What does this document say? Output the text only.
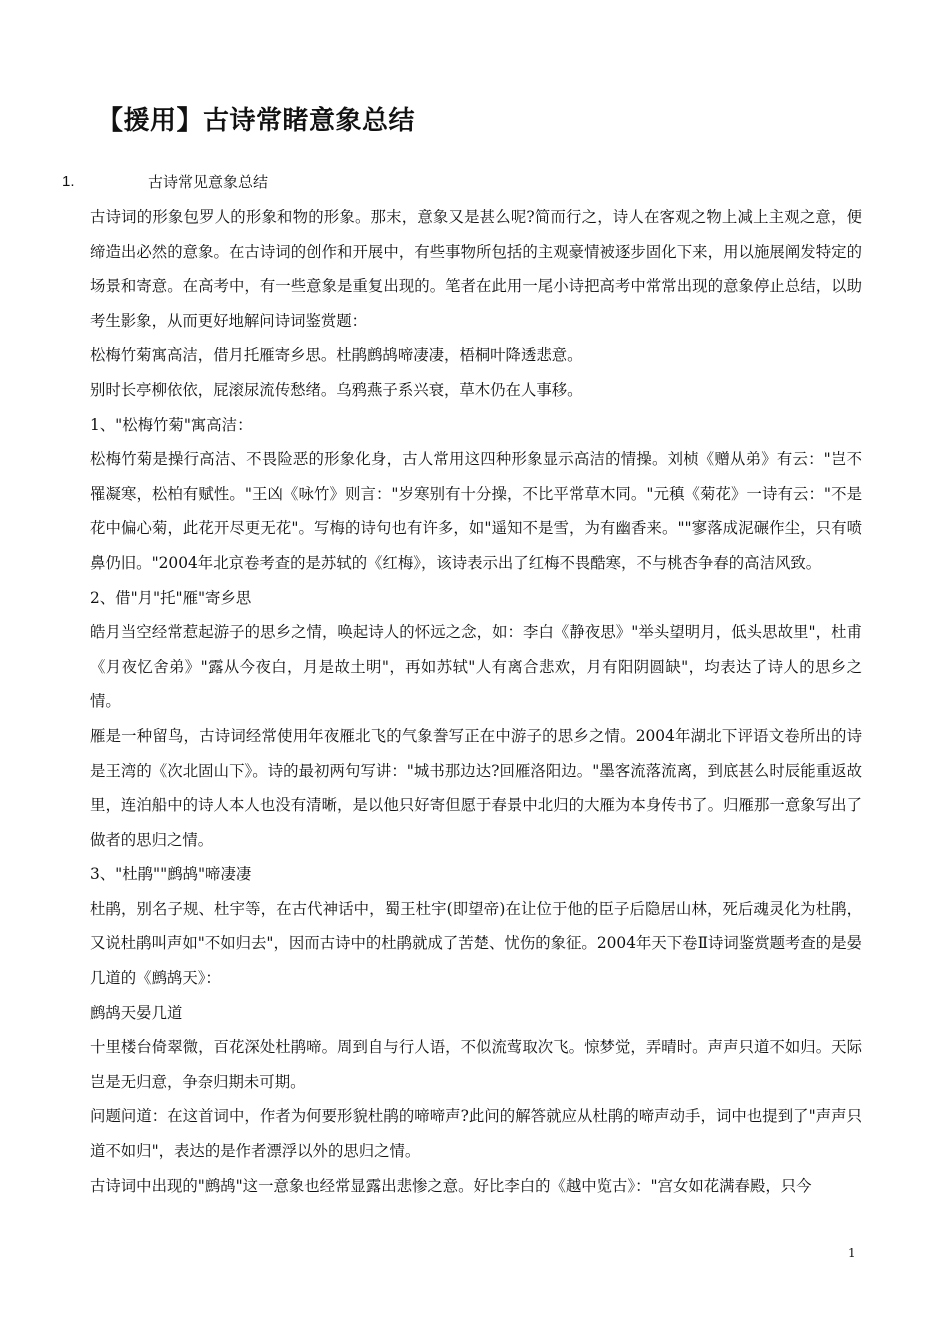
【援用】古诗常睹意象总结
1.	古诗常见意象总结

古诗词的形象包罗人的形象和物的形象。那末，意象又是甚么呢?简而行之，诗人在客观之物上减上主观之意，便缔造出必然的意象。在古诗词的创作和开展中，有些事物所包括的主观豪情被逐步固化下来，用以施展阐发特定的场景和寄意。在高考中，有一些意象是重复出现的。笔者在此用一尾小诗把高考中常常出现的意象停止总结，以助考生影象，从而更好地解问诗词鉴赏题：

松梅竹菊寓高洁，借月托雁寄乡思。杜鹃鹧鸪啼凄凄，梧桐叶降透悲意。

别时长亭柳依依，屁滚尿流传愁绪。乌鸦燕子系兴衰，草木仍在人事移。

1、"松梅竹菊"寓高洁：

松梅竹菊是操行高洁、不畏险恶的形象化身，古人常用这四种形象显示高洁的情操。刘桢《赠从弟》有云："岂不罹凝寒，松柏有赋性。"王凶《咏竹》则言："岁寒别有十分操，不比平常草木同。"元稹《菊花》一诗有云："不是花中偏心菊，此花开尽更无花"。写梅的诗句也有许多，如"遥知不是雪，为有幽香来。""寥落成泥碾作尘，只有喷鼻仍旧。"2004年北京卷考查的是苏轼的《红梅》，该诗表示出了红梅不畏酷寒，不与桃杏争春的高洁风致。

2、借"月"托"雁"寄乡思

皓月当空经常惹起游子的思乡之情，唤起诗人的怀远之念，如：李白《静夜思》"举头望明月，低头思故里"，杜甫《月夜忆舍弟》"露从今夜白，月是故土明"，再如苏轼"人有离合悲欢，月有阳阴圆缺"，均表达了诗人的思乡之情。

雁是一种留鸟，古诗词经常使用年夜雁北飞的气象誊写正在中游子的思乡之情。2004年湖北下评语文卷所出的诗是王湾的《次北固山下》。诗的最初两句写讲："城书那边达?回雁洛阳边。"墨客流落流离，到底甚么时辰能重返故里，连泊船中的诗人本人也没有清晰，是以他只好寄但愿于春景中北归的大雁为本身传书了。归雁那一意象写出了做者的思归之情。

3、"杜鹃""鹧鸪"啼凄凄

杜鹃，别名子规、杜宇等，在古代神话中，蜀王杜宇(即望帝)在让位于他的臣子后隐居山林，死后魂灵化为杜鹃，又说杜鹃叫声如"不如归去"，因而古诗中的杜鹃就成了苦楚、忧伤的象征。2004年天下卷Ⅱ诗词鉴赏题考查的是晏几道的《鹧鸪天》：

鹧鸪天晏几道

十里楼台倚翠微，百花深处杜鹃啼。周到自与行人语，不似流莺取次飞。惊梦觉，弄晴时。声声只道不如归。天际岂是无归意，争奈归期未可期。

问题问道：在这首词中，作者为何要形貌杜鹃的啼啼声?此问的解答就应从杜鹃的啼声动手，词中也提到了"声声只道不如归"，表达的是作者漂浮以外的思归之情。

古诗词中出现的"鹧鸪"这一意象也经常显露出悲惨之意。好比李白的《越中览古》："宫女如花满春殿，只今

1
